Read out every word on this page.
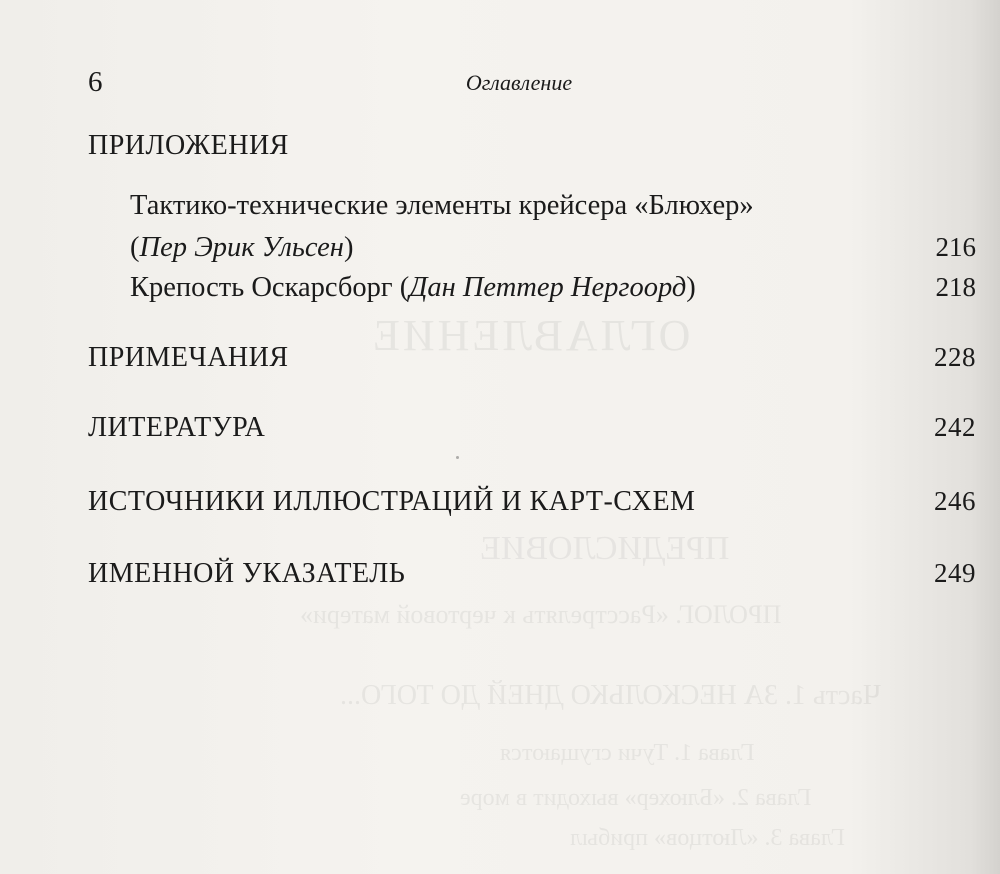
ОГЛАВЛЕНИЕ
ПРЕДИСЛОВИЕ
ПРОЛОГ. «Расстрелять к чертовой матери»
Часть 1. ЗА НЕСКОЛЬКО ДНЕЙ ДО ТОГО...
Глава 1. Тучи сгущаются
Глава 2. «Блюхер» выходит в море
Глава 3. «Лютцов» прибыл
6	Оглавление
ПРИЛОЖЕНИЯ
Тактико-технические элементы крейсера «Блюхер»
(Пер Эрик Ульсен)	216
Крепость Оскарсборг (Дан Петтер Нергоорд)	218
ПРИМЕЧАНИЯ	228
ЛИТЕРАТУРА	242
ИСТОЧНИКИ ИЛЛЮСТРАЦИЙ И КАРТ-СХЕМ	246
ИМЕННОЙ УКАЗАТЕЛЬ	249
